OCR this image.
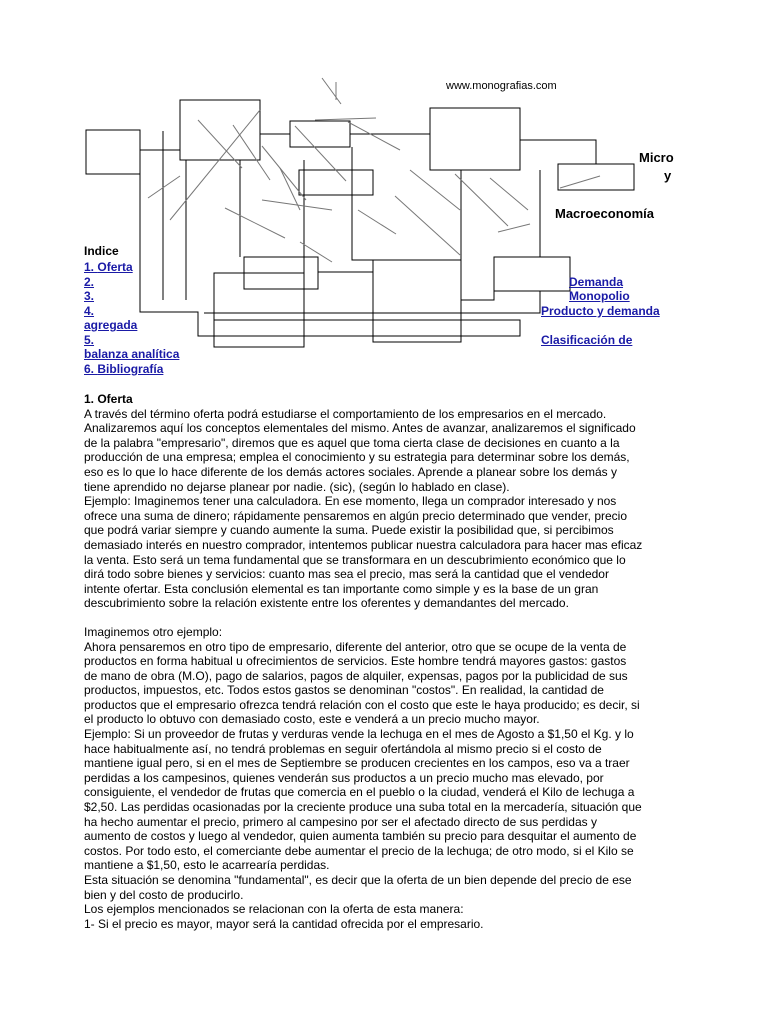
www.monografias.com
Micro
y
Macroeconomía
Indice
1. Oferta
2.	Demanda
3.	Monopolio
4.	Producto y demanda
agregada
5.	Clasificación de
balanza analítica
6. Bibliografía

1. Oferta

A través del término oferta podrá estudiarse el comportamiento de los empresarios en el mercado.

Analizaremos aquí los conceptos elementales del mismo. Antes de avanzar, analizaremos el significado

de la palabra "empresario", diremos que es aquel que toma cierta clase de decisiones en cuanto a la

producción de una empresa; emplea el conocimiento y su estrategia para determinar sobre los demás,

eso es lo que lo hace diferente de los demás actores sociales. Aprende a planear sobre los demás y

tiene aprendido no dejarse planear por nadie. (sic), (según lo hablado en clase).

Ejemplo: Imaginemos tener una calculadora. En ese momento, llega un comprador interesado y nos

ofrece una suma de dinero; rápidamente pensaremos en algún precio determinado que vender, precio

que podrá variar siempre y cuando aumente la suma. Puede existir la posibilidad que, si percibimos

demasiado interés en nuestro comprador, intentemos publicar nuestra calculadora para hacer mas eficaz

la venta. Esto será un tema fundamental que se transformara en un descubrimiento económico que lo

dirá todo sobre bienes y servicios: cuanto mas sea el precio, mas será la cantidad que el vendedor

intente ofertar. Esta conclusión elemental es tan importante como simple y es la base de un gran

descubrimiento sobre la relación existente entre los oferentes y demandantes del mercado.

Imaginemos otro ejemplo:

Ahora pensaremos en otro tipo de empresario, diferente del anterior, otro que se ocupe de la venta de

productos en forma habitual u ofrecimientos de servicios. Este hombre tendrá mayores gastos: gastos

de mano de obra (M.O), pago de salarios, pagos de alquiler, expensas, pagos por la publicidad de sus

productos, impuestos, etc. Todos estos gastos se denominan "costos". En realidad, la cantidad de

productos que el empresario ofrezca tendrá relación con el costo que este le haya producido; es decir, si

el producto lo obtuvo con demasiado costo, este e venderá a un precio mucho mayor.

Ejemplo: Si un proveedor de frutas y verduras vende la lechuga en el mes de Agosto a $1,50 el Kg. y lo

hace habitualmente así, no tendrá problemas en seguir ofertándola al mismo precio si el costo de

mantiene igual pero, si en el mes de Septiembre se producen crecientes en los campos, eso va a traer

perdidas a los campesinos, quienes venderán sus productos a un precio mucho mas elevado, por

consiguiente, el vendedor de frutas que comercia en el pueblo o la ciudad, venderá el Kilo de lechuga a

$2,50. Las perdidas ocasionadas por la creciente produce una suba total en la mercadería, situación que

ha hecho aumentar el precio, primero al campesino por ser el afectado directo de sus perdidas y

aumento de costos y luego al vendedor, quien aumenta también su precio para desquitar el aumento de

costos. Por todo esto, el comerciante debe aumentar el precio de la lechuga; de otro modo, si el Kilo se

mantiene a $1,50, esto le acarrearía perdidas.

Esta situación se denomina "fundamental", es decir que la oferta de un bien depende del precio de ese

bien y del costo de producirlo.

Los ejemplos mencionados se relacionan con la oferta de esta manera:

1- Si el precio es mayor, mayor será la cantidad ofrecida por el empresario.
